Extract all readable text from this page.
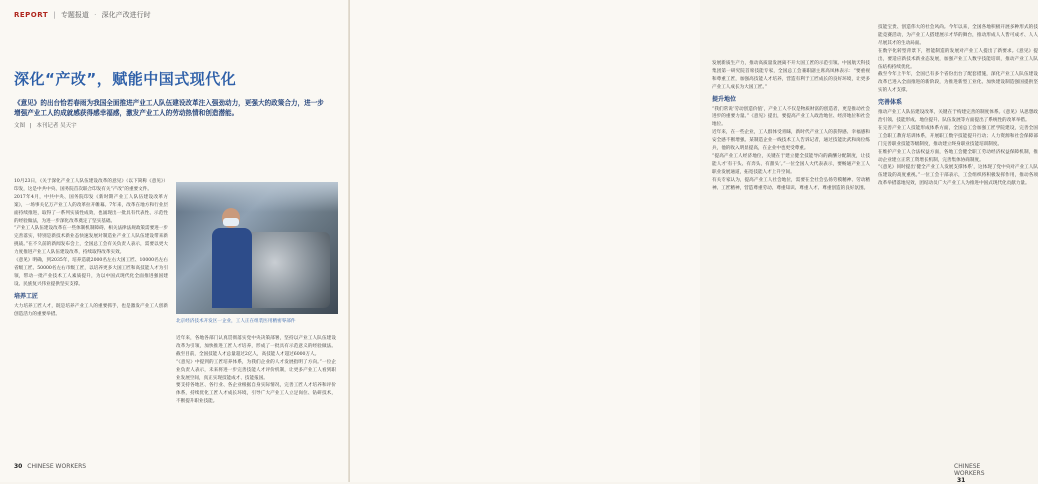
REPORT | 专题报道 · 深化产改进行时
深化“产改”，赋能中国式现代化

《意见》的出台恰若春雨为我国全面推进产业工人队伍建设改革注入强劲动力，更强大的政策合力，进一步增强产业工人的成就感获得感幸福感，激发产业工人的劳动热情和创造潜能。

文图 | 本刊记者 吴天宇

10月23日，《关于深化产业工人队伍建设改革的意见》（以下简称《意见》）印发，这是中共中央、国务院首次联合印发有关“产改”的重要文件。

2017年4月，中共中央、国务院印发《新时期产业工人队伍建设改革方案》，一场事关亿万产业工人的改革拉开帷幕。7年来，改革在地方和行业层面持续推进，取得了一系列实质性成效，也涌现出一批具有代表性、示范性的经验做法，为进一步深化改革奠定了坚实基础。

“产业工人队伍建设改革在一些体制机制障碍、相关法律法规政策需要进一步完善落实，特别是新技术新业态快速发展对制造业产业工人队伍建设带来新挑战。”在不久前的新闻发布会上，全国总工会有关负责人表示，需要以更大力度推进产业工人队伍建设改革，持续取得改革实效。

《意见》明确，到2035年，培养造就2000名左右大国工匠、10000名左右省级工匠、50000名左右市级工匠，以培养更多大国工匠和高技能人才为引领，带动一批产业技术工人素质提升，为以中国式现代化全面推进强国建设、民族复兴伟业提供坚实支撑。

培养工匠

大力培养工匠人才，既是培养产业工人的重要抓手，也是激发产业工人创新创造活力的重要举措。

北京经济技术开发区一企业，工人正在组装医用精密零部件

近年来，各地各部门认真贯彻落实党中央决策部署，坚持以产业工人队伍建设改革为引领，加快推进工匠人才培养，形成了一批具有示范意义的经验做法。截至目前，全国技能人才总量超过2亿人，高技能人才超过6000万人。

“《意见》中提到的工匠培养体系，为我们企业的人才发展指明了方向。”一位企业负责人表示，未来将进一步完善技能人才评价机制，让更多产业工人看到职业发展空间，真正实现技能成才、技能报国。

要支持各地区、各行业、各企业根据自身实际情况，完善工匠人才培养和评价体系，持续优化工匠人才成长环境，引导广大产业工人立足岗位、钻研技术，不断提升职业技能。

30 CHINESE WORKERS

发展新质生产力，推动高质量发展离不开大国工匠的示范引领。中国航天科技集团第一研究院首席技能专家，全国总工会兼职副主席高凤林表示：“要重视和尊重工匠，加强高技能人才培养，营造有利于工匠成长的良好环境，让更多产业工人成长为大国工匠。”

提升地位

“我们常说‘劳动创造价值’，产业工人不仅是物质财富的创造者，更是推动社会进步的重要力量。”《意见》提出，要提高产业工人政治地位、经济地位和社会地位。

近年来，在一些企业，工人群体受青睐，新时代产业工人的获得感、幸福感和安全感不断增强。某制造企业一线技术工人告诉记者，通过技能比武和岗位练兵，他的收入明显提高，在企业中也更受尊重。

“提高产业工人经济地位，关键在于建立健全技能导向的薪酬分配制度，让技能人才‘有干头、有奔头、有甜头’。”一位全国人大代表表示，要畅通产业工人职业发展通道，拓宽技能人才上升空间。

有关专家认为，提高产业工人社会地位，需要在全社会弘扬劳模精神、劳动精神、工匠精神，营造尊重劳动、尊重知识、尊重人才、尊重创造的良好氛围。

技能宝贵、创造伟大的社会风尚。今年以来，全国各地积极开展多种形式的技能竞赛活动，为产业工人搭建展示才华的舞台，推动形成人人皆可成才、人人尽展其才的生动局面。

在数字化转型背景下，智能制造的发展对产业工人提出了新要求。《意见》提出，要适应新技术新业态发展，加强产业工人数字技能培训，推动产业工人队伍结构持续优化。

截至今年上半年，全国已有多个省份出台了配套措施，深化产业工人队伍建设改革已进入全面推进的新阶段，为推进新型工业化、加快建设制造强国提供坚实的人才支撑。

完善体系

推动产业工人队伍建设改革，关键在于构建完善的制度体系。《意见》从思想政治引领、技能形成、地位提升、队伍发展等方面提出了系统性的改革举措。

在完善产业工人技能形成体系方面，全国总工会加强工匠学院建设，完善全国工会职工教育培训体系，开展职工数字技能提升行动；人力资源和社会保障部门完善职业技能等级制度，推动建立终身职业技能培训制度。

在维护产业工人合法权益方面，各地工会健全职工劳动经济权益保障机制，推动企业建立正常工资增长机制，完善集体协商制度。

“《意见》同时提出‘健全产业工人发展支撑体系’，这体现了党中央对产业工人队伍建设的高度重视。”一位工会干部表示，工会组织将积极发挥作用，推动各项改革举措落地见效，团结动员广大产业工人为推进中国式现代化贡献力量。

CHINESE WORKERS 31
